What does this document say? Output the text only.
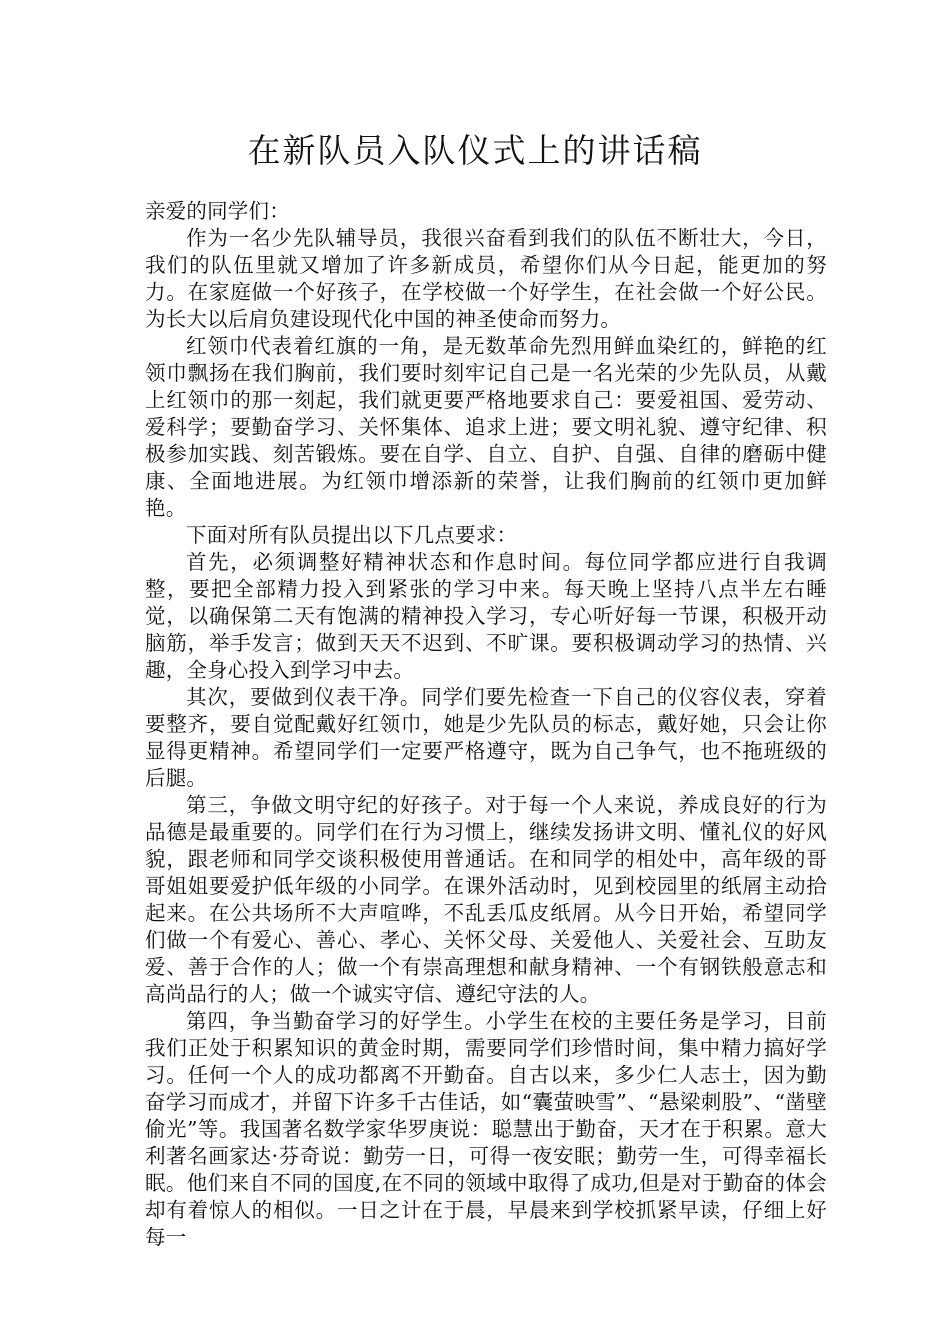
在新队员入队仪式上的讲话稿

亲爱的同学们：

作为一名少先队辅导员，我很兴奋看到我们的队伍不断壮大，今日，我们的队伍里就又增加了许多新成员，希望你们从今日起，能更加的努力。在家庭做一个好孩子，在学校做一个好学生，在社会做一个好公民。为长大以后肩负建设现代化中国的神圣使命而努力。

红领巾代表着红旗的一角，是无数革命先烈用鲜血染红的，鲜艳的红领巾飘扬在我们胸前，我们要时刻牢记自己是一名光荣的少先队员，从戴上红领巾的那一刻起，我们就更要严格地要求自己：要爱祖国、爱劳动、爱科学；要勤奋学习、关怀集体、追求上进；要文明礼貌、遵守纪律、积极参加实践、刻苦锻炼。要在自学、自立、自护、自强、自律的磨砺中健康、全面地进展。为红领巾增添新的荣誉，让我们胸前的红领巾更加鲜艳。

下面对所有队员提出以下几点要求：

首先，必须调整好精神状态和作息时间。每位同学都应进行自我调整，要把全部精力投入到紧张的学习中来。每天晚上坚持八点半左右睡觉，以确保第二天有饱满的精神投入学习，专心听好每一节课，积极开动脑筋，举手发言；做到天天不迟到、不旷课。要积极调动学习的热情、兴趣，全身心投入到学习中去。

其次，要做到仪表干净。同学们要先检查一下自己的仪容仪表，穿着要整齐，要自觉配戴好红领巾，她是少先队员的标志，戴好她，只会让你显得更精神。希望同学们一定要严格遵守，既为自己争气，也不拖班级的后腿。

第三，争做文明守纪的好孩子。对于每一个人来说，养成良好的行为品德是最重要的。同学们在行为习惯上，继续发扬讲文明、懂礼仪的好风貌，跟老师和同学交谈积极使用普通话。在和同学的相处中，高年级的哥哥姐姐要爱护低年级的小同学。在课外活动时，见到校园里的纸屑主动拾起来。在公共场所不大声喧哗，不乱丢瓜皮纸屑。从今日开始，希望同学们做一个有爱心、善心、孝心、关怀父母、关爱他人、关爱社会、互助友爱、善于合作的人；做一个有崇高理想和献身精神、一个有钢铁般意志和高尚品行的人；做一个诚实守信、遵纪守法的人。

第四，争当勤奋学习的好学生。小学生在校的主要任务是学习，目前我们正处于积累知识的黄金时期，需要同学们珍惜时间，集中精力搞好学习。任何一个人的成功都离不开勤奋。自古以来，多少仁人志士，因为勤奋学习而成才，并留下许多千古佳话，如“囊萤映雪”、“悬梁刺股”、“凿壁偷光”等。我国著名数学家华罗庚说：聪慧出于勤奋，天才在于积累。意大利著名画家达·芬奇说：勤劳一日，可得一夜安眠；勤劳一生，可得幸福长眠。他们来自不同的国度,在不同的领域中取得了成功,但是对于勤奋的体会却有着惊人的相似。一日之计在于晨，早晨来到学校抓紧早读，仔细上好每一
